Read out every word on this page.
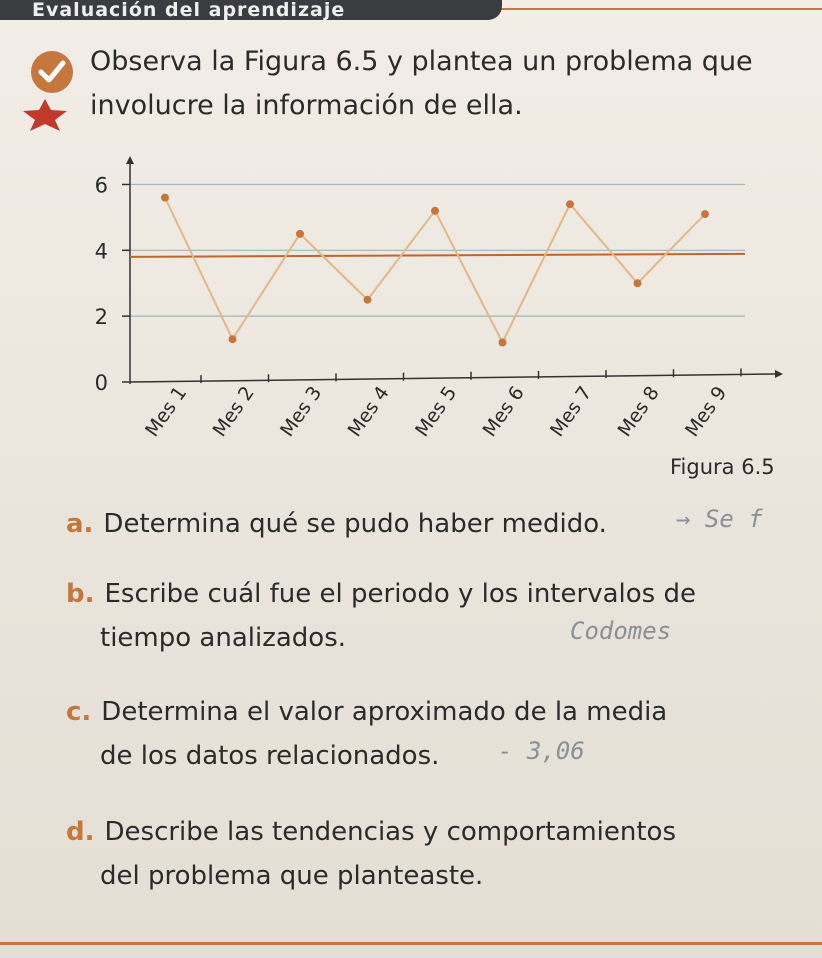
Evaluación del aprendizaje
Observa la Figura 6.5 y plantea un problema que involucre la información de ella.
0
2
4
6
Mes 1 Mes 2 Mes 3 Mes 4 Mes 5 Mes 6 Mes 7 Mes 8 Mes 9
Figura 6.5
a. Determina qué se pudo haber medido.	→ Se f
b. Escribe cuál fue el periodo y los intervalos de
tiempo analizados.	Codomes
c. Determina el valor aproximado de la media
de los datos relacionados.	- 3,06
d. Describe las tendencias y comportamientos
del problema que planteaste.
